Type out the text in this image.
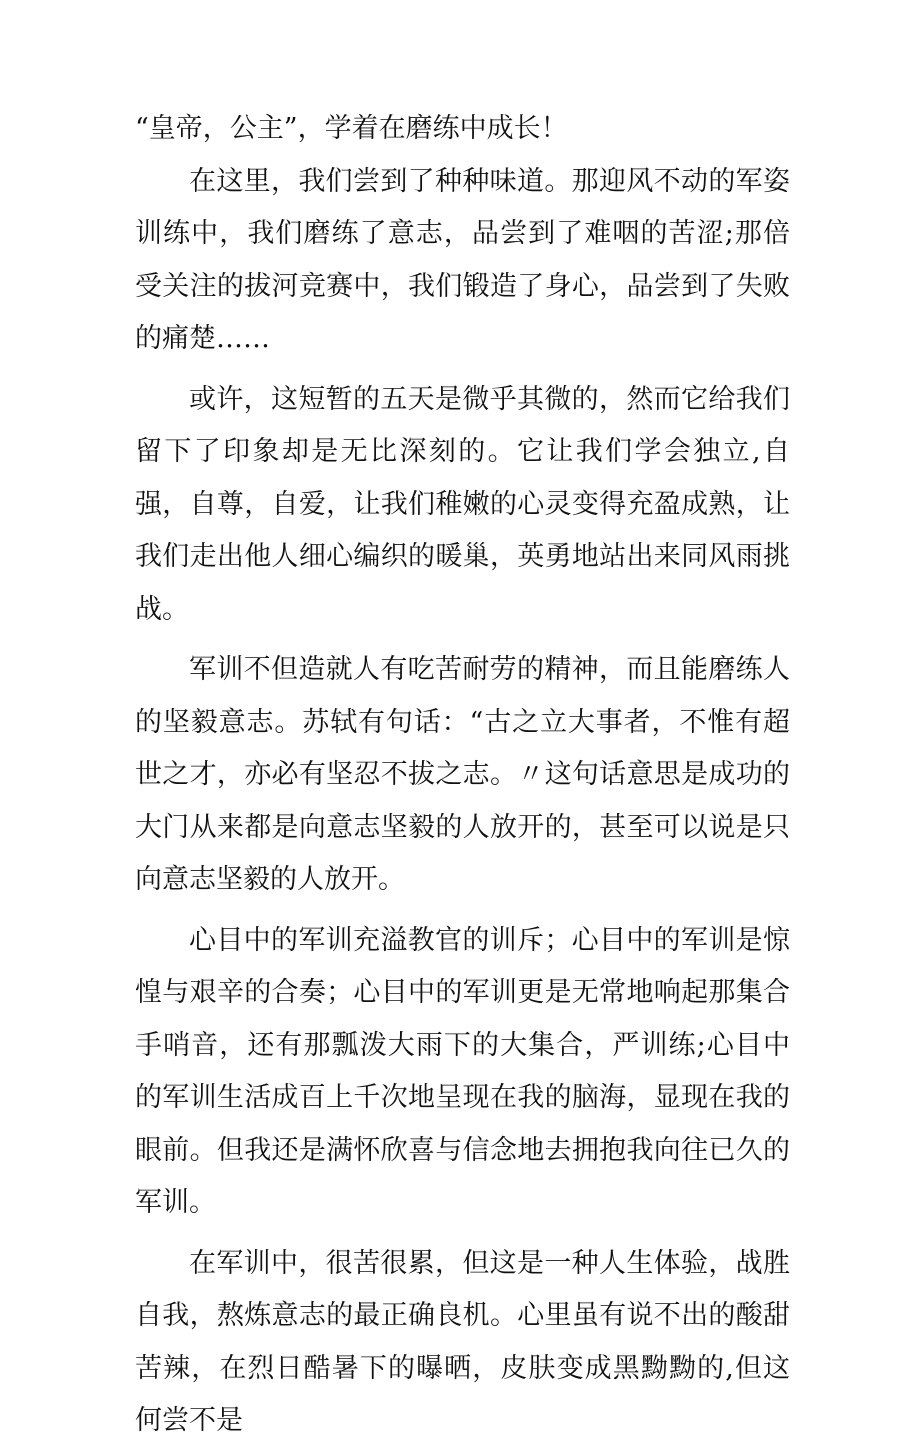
“皇帝，公主”，学着在磨练中成长！

在这里，我们尝到了种种味道。那迎风不动的军姿训练中，我们磨练了意志，品尝到了难咽的苦涩;那倍受关注的拔河竞赛中，我们锻造了身心，品尝到了失败的痛楚……

或许，这短暂的五天是微乎其微的，然而它给我们留下了印象却是无比深刻的。它让我们学会独立,自强，自尊，自爱，让我们稚嫩的心灵变得充盈成熟，让我们走出他人细心编织的暖巢，英勇地站出来同风雨挑战。

军训不但造就人有吃苦耐劳的精神，而且能磨练人的坚毅意志。苏轼有句话：“古之立大事者，不惟有超世之才，亦必有坚忍不拔之志。〃这句话意思是成功的大门从来都是向意志坚毅的人放开的，甚至可以说是只向意志坚毅的人放开。

心目中的军训充溢教官的训斥；心目中的军训是惊惶与艰辛的合奏；心目中的军训更是无常地响起那集合手哨音，还有那瓢泼大雨下的大集合，严训练;心目中的军训生活成百上千次地呈现在我的脑海，显现在我的眼前。但我还是满怀欣喜与信念地去拥抱我向往已久的军训。

在军训中，很苦很累，但这是一种人生体验，战胜自我，熬炼意志的最正确良机。心里虽有说不出的酸甜苦辣，在烈日酷暑下的曝晒，皮肤变成黑黝黝的,但这何尝不是
